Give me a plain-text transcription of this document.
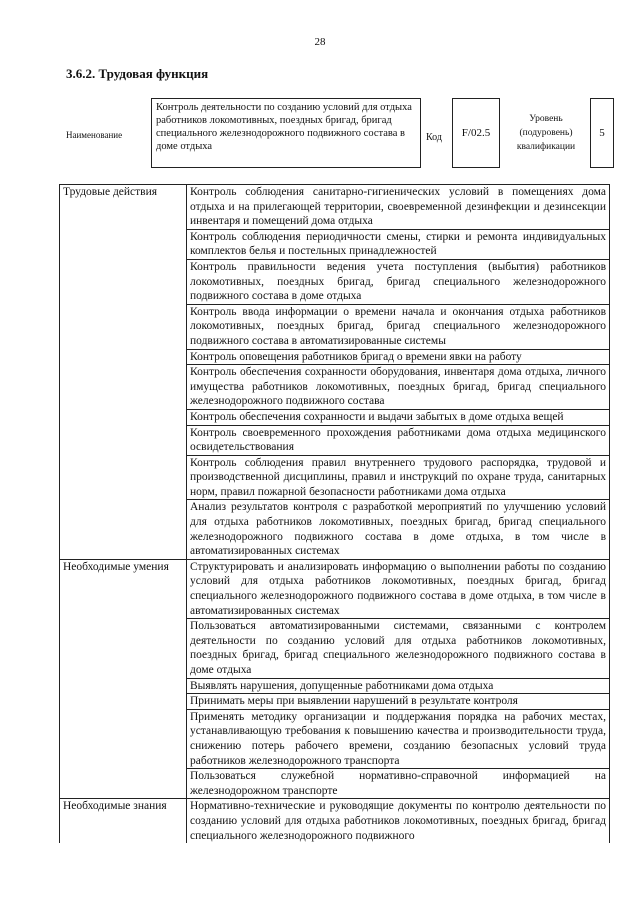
28
3.6.2. Трудовая функция
Наименование
Контроль деятельности по созданию условий для отдыха работников локомотивных, поездных бригад, бригад специального железнодорожного подвижного состава в доме отдыха
Код	F/02.5
Уровень (подуровень) квалификации
5
Трудовые действия	Контроль соблюдения санитарно-гигиенических условий в помещениях дома отдыха и на прилегающей территории, своевременной дезинфекции и дезинсекции инвентаря и помещений дома отдыха
	Контроль соблюдения периодичности смены, стирки и ремонта индивидуальных комплектов белья и постельных принадлежностей
	Контроль правильности ведения учета поступления (выбытия) работников локомотивных, поездных бригад, бригад специального железнодорожного подвижного состава в доме отдыха
	Контроль ввода информации о времени начала и окончания отдыха работников локомотивных, поездных бригад, бригад специального железнодорожного подвижного состава в автоматизированные системы
	Контроль оповещения работников бригад о времени явки на работу
	Контроль обеспечения сохранности оборудования, инвентаря дома отдыха, личного имущества работников локомотивных, поездных бригад, бригад специального железнодорожного подвижного состава
	Контроль обеспечения сохранности и выдачи забытых в доме отдыха вещей
	Контроль своевременного прохождения работниками дома отдыха медицинского освидетельствования
	Контроль соблюдения правил внутреннего трудового распорядка, трудовой и производственной дисциплины, правил и инструкций по охране труда, санитарных норм, правил пожарной безопасности работниками дома отдыха
	Анализ результатов контроля с разработкой мероприятий по улучшению условий для отдыха работников локомотивных, поездных бригад, бригад специального железнодорожного подвижного состава в доме отдыха, в том числе в автоматизированных системах
Необходимые умения	Структурировать и анализировать информацию о выполнении работы по созданию условий для отдыха работников локомотивных, поездных бригад, бригад специального железнодорожного подвижного состава в доме отдыха, в том числе в автоматизированных системах
	Пользоваться автоматизированными системами, связанными с контролем деятельности по созданию условий для отдыха работников локомотивных, поездных бригад, бригад специального железнодорожного подвижного состава в доме отдыха
	Выявлять нарушения, допущенные работниками дома отдыха
	Принимать меры при выявлении нарушений в результате контроля
	Применять методику организации и поддержания порядка на рабочих местах, устанавливающую требования к повышению качества и производительности труда, снижению потерь рабочего времени, созданию безопасных условий труда работников железнодорожного транспорта
	Пользоваться служебной нормативно-справочной информацией на железнодорожном транспорте
Необходимые знания	Нормативно-технические и руководящие документы по контролю деятельности по созданию условий для отдыха работников локомотивных, поездных бригад, бригад специального железнодорожного подвижного
